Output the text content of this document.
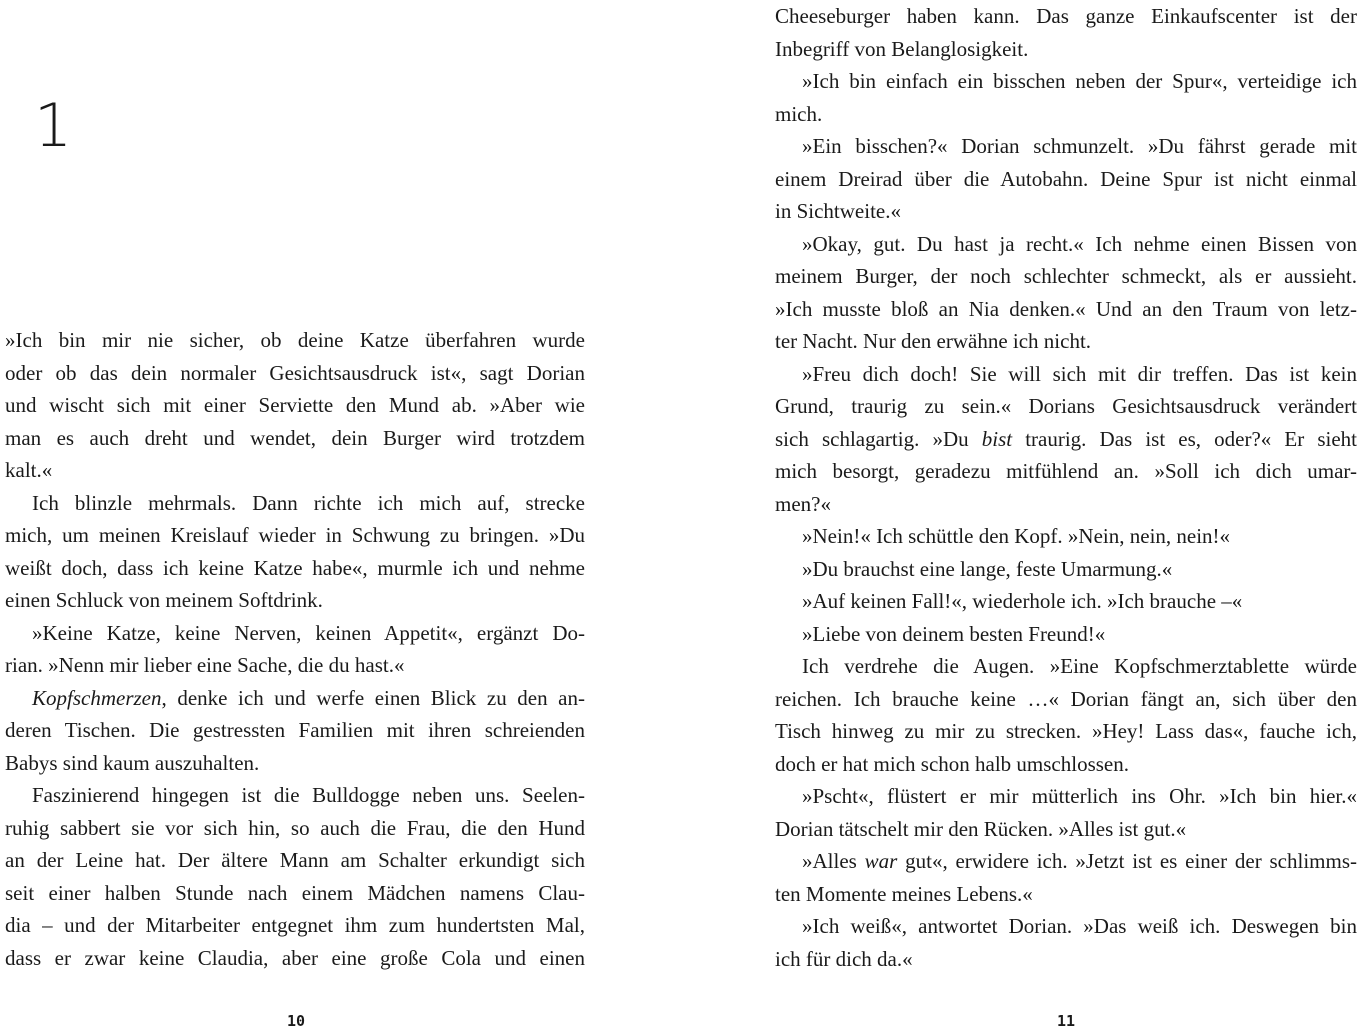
1
»Ich bin mir nie sicher, ob deine Katze überfahren wurde
oder ob das dein normaler Gesichtsausdruck ist«, sagt Dorian
und wischt sich mit einer Serviette den Mund ab. »Aber wie
man es auch dreht und wendet, dein Burger wird trotzdem
kalt.«
Ich blinzle mehrmals. Dann richte ich mich auf, strecke
mich, um meinen Kreislauf wieder in Schwung zu bringen. »Du
weißt doch, dass ich keine Katze habe«, murmle ich und nehme
einen Schluck von meinem Softdrink.
»Keine Katze, keine Nerven, keinen Appetit«, ergänzt Do-
rian. »Nenn mir lieber eine Sache, die du hast.«
Kopfschmerzen, denke ich und werfe einen Blick zu den an-
deren Tischen. Die gestressten Familien mit ihren schreienden
Babys sind kaum auszuhalten.
Faszinierend hingegen ist die Bulldogge neben uns. Seelen-
ruhig sabbert sie vor sich hin, so auch die Frau, die den Hund
an der Leine hat. Der ältere Mann am Schalter erkundigt sich
seit einer halben Stunde nach einem Mädchen namens Clau-
dia – und der Mitarbeiter entgegnet ihm zum hundertsten Mal,
dass er zwar keine Claudia, aber eine große Cola und einen
10
Cheeseburger haben kann. Das ganze Einkaufscenter ist der
Inbegriff von Belanglosigkeit.
»Ich bin einfach ein bisschen neben der Spur«, verteidige ich
mich.
»Ein bisschen?« Dorian schmunzelt. »Du fährst gerade mit
einem Dreirad über die Autobahn. Deine Spur ist nicht einmal
in Sichtweite.«
»Okay, gut. Du hast ja recht.« Ich nehme einen Bissen von
meinem Burger, der noch schlechter schmeckt, als er aussieht.
»Ich musste bloß an Nia denken.« Und an den Traum von letz-
ter Nacht. Nur den erwähne ich nicht.
»Freu dich doch! Sie will sich mit dir treffen. Das ist kein
Grund, traurig zu sein.« Dorians Gesichtsausdruck verändert
sich schlagartig. »Du bist traurig. Das ist es, oder?« Er sieht
mich besorgt, geradezu mitfühlend an. »Soll ich dich umar-
men?«
»Nein!« Ich schüttle den Kopf. »Nein, nein, nein!«
»Du brauchst eine lange, feste Umarmung.«
»Auf keinen Fall!«, wiederhole ich. »Ich brauche –«
»Liebe von deinem besten Freund!«
Ich verdrehe die Augen. »Eine Kopfschmerztablette würde
reichen. Ich brauche keine …« Dorian fängt an, sich über den
Tisch hinweg zu mir zu strecken. »Hey! Lass das«, fauche ich,
doch er hat mich schon halb umschlossen.
»Pscht«, flüstert er mir mütterlich ins Ohr. »Ich bin hier.«
Dorian tätschelt mir den Rücken. »Alles ist gut.«
»Alles war gut«, erwidere ich. »Jetzt ist es einer der schlimms-
ten Momente meines Lebens.«
»Ich weiß«, antwortet Dorian. »Das weiß ich. Deswegen bin
ich für dich da.«
11
